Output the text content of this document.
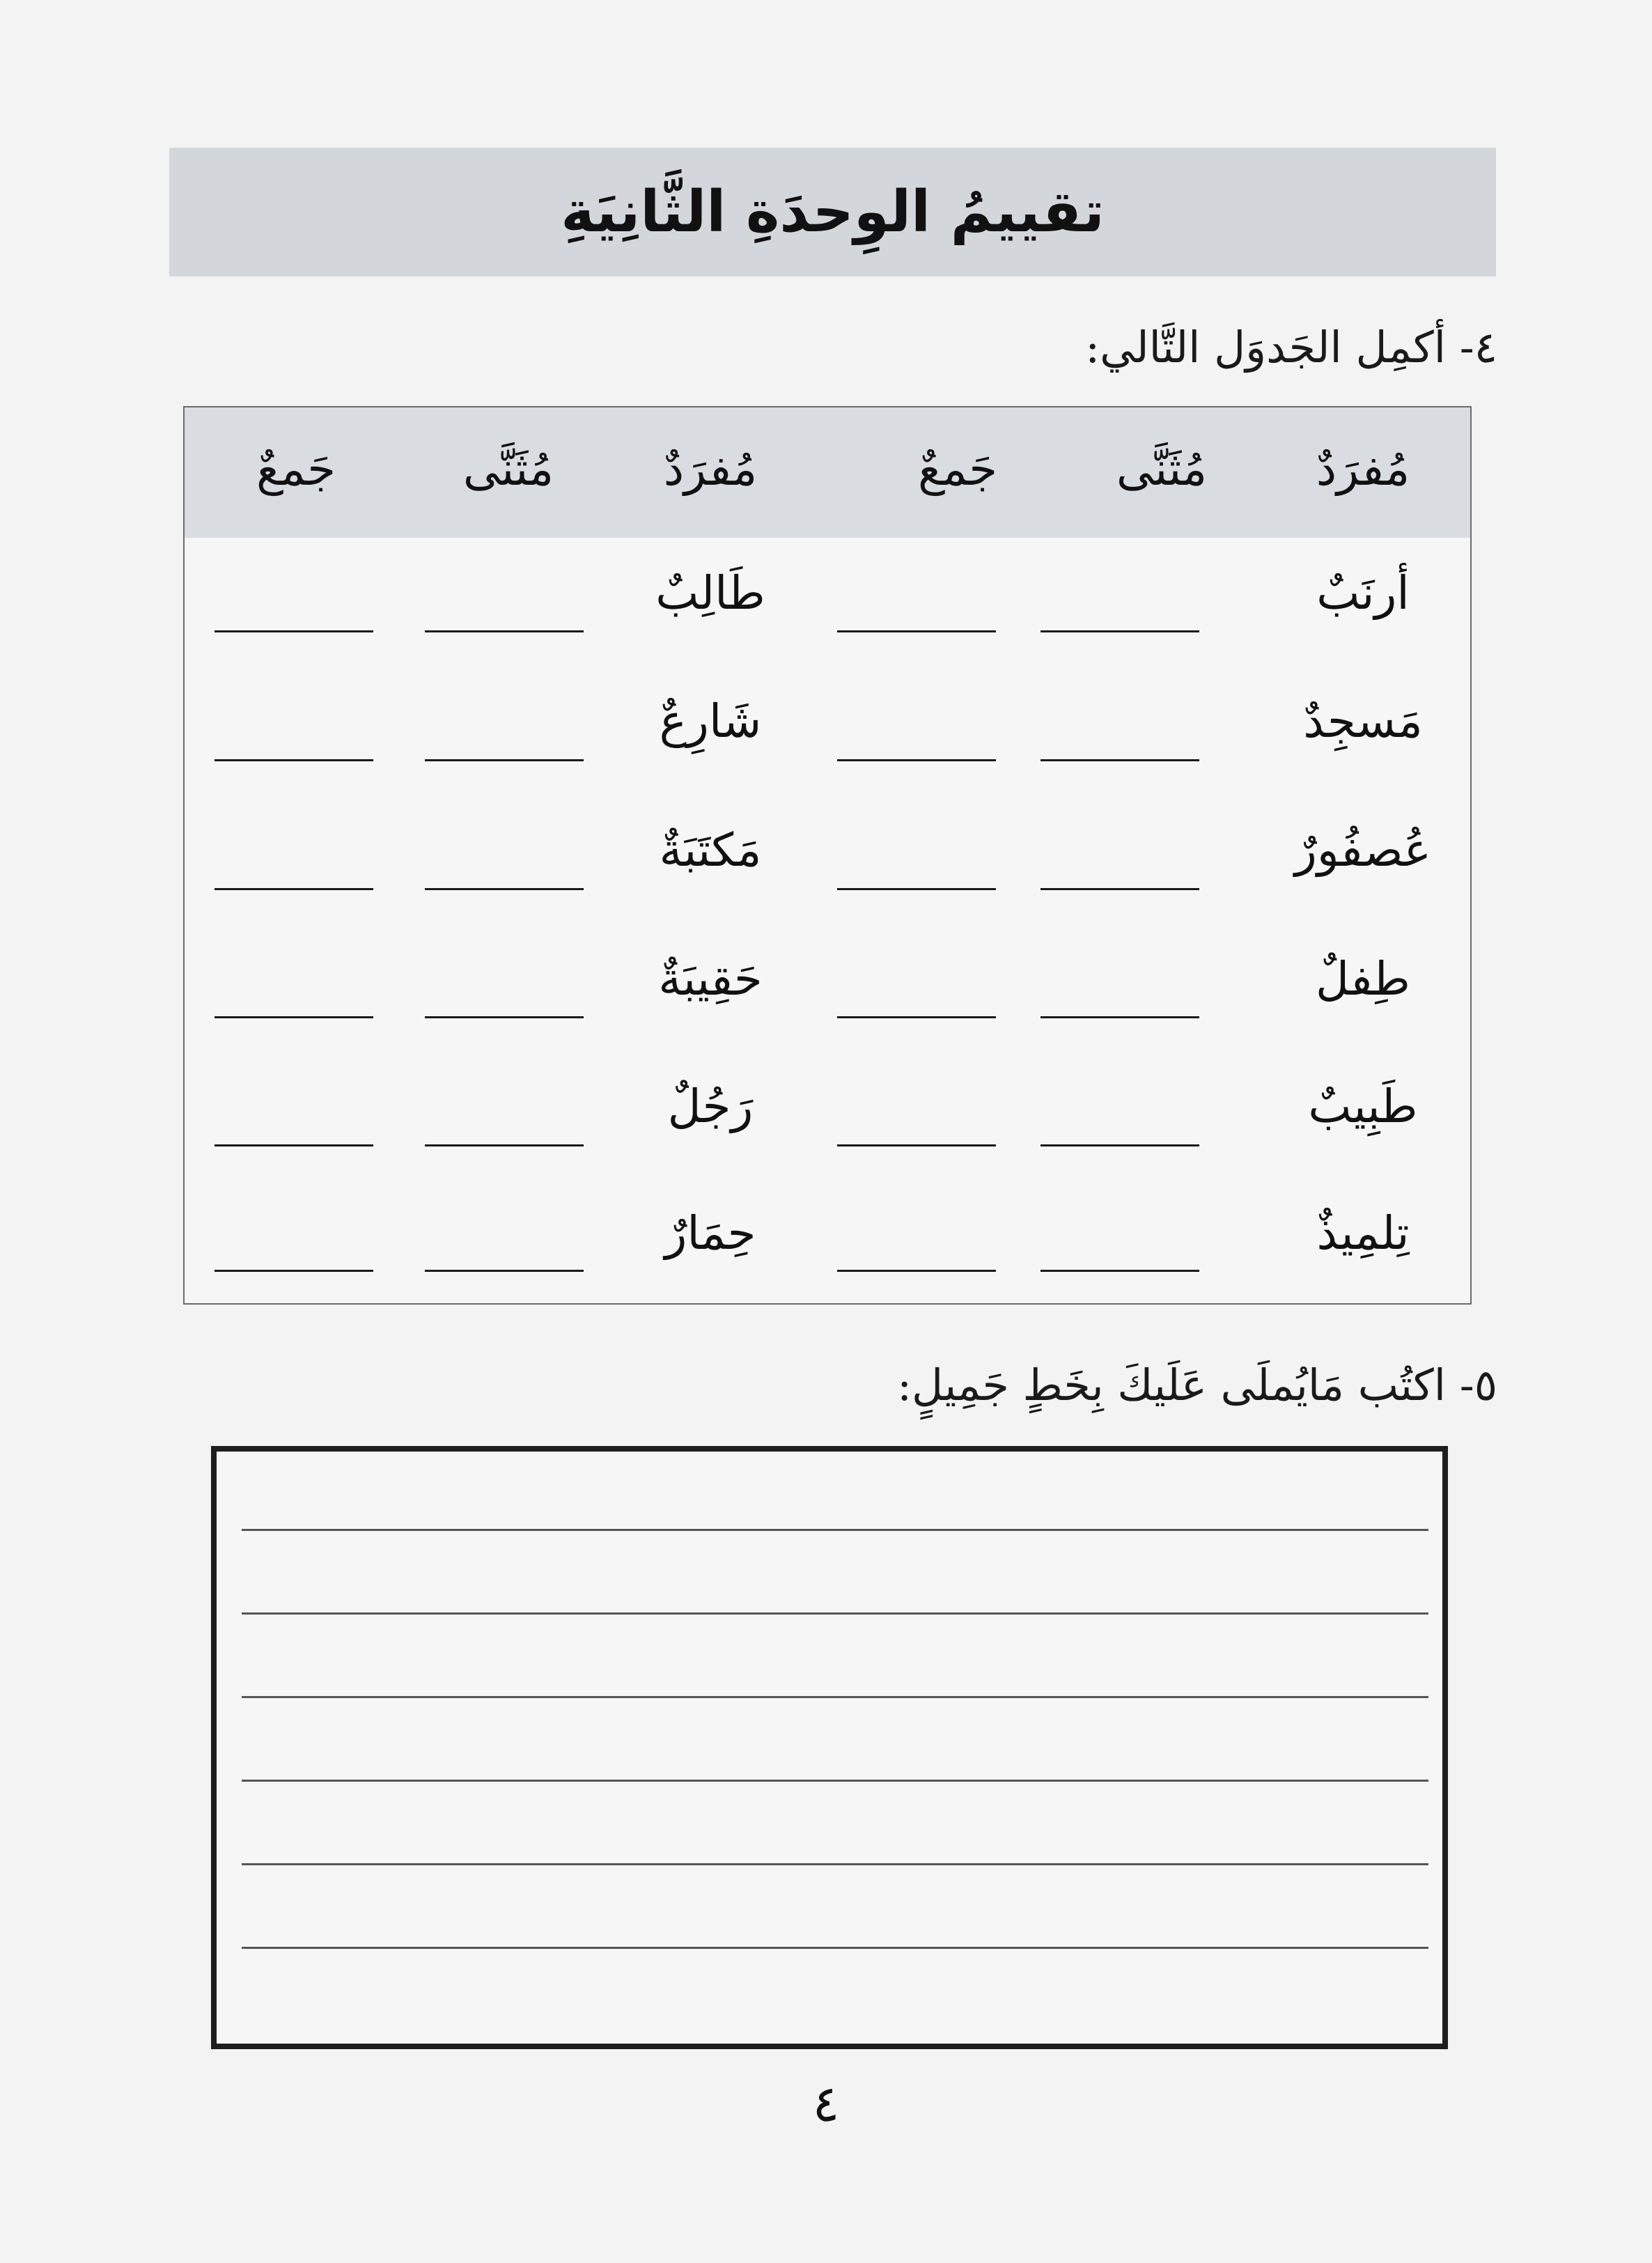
تقييمُ الوِحدَةِ الثَّانِيَةِ
٤- أكمِل الجَدوَل التَّالي:
مُفرَدٌ
مُثَنَّى
جَمعٌ
مُفرَدٌ
مُثَنَّى
جَمعٌ
أرنَبٌ
طَالِبٌ
مَسجِدٌ
شَارِعٌ
عُصفُورٌ
مَكتَبَةٌ
طِفلٌ
حَقِيبَةٌ
طَبِيبٌ
رَجُلٌ
تِلمِيذٌ
حِمَارٌ
٥- اكتُب مَايُملَى عَلَيكَ بِخَطٍ جَمِيلٍ:
٤
